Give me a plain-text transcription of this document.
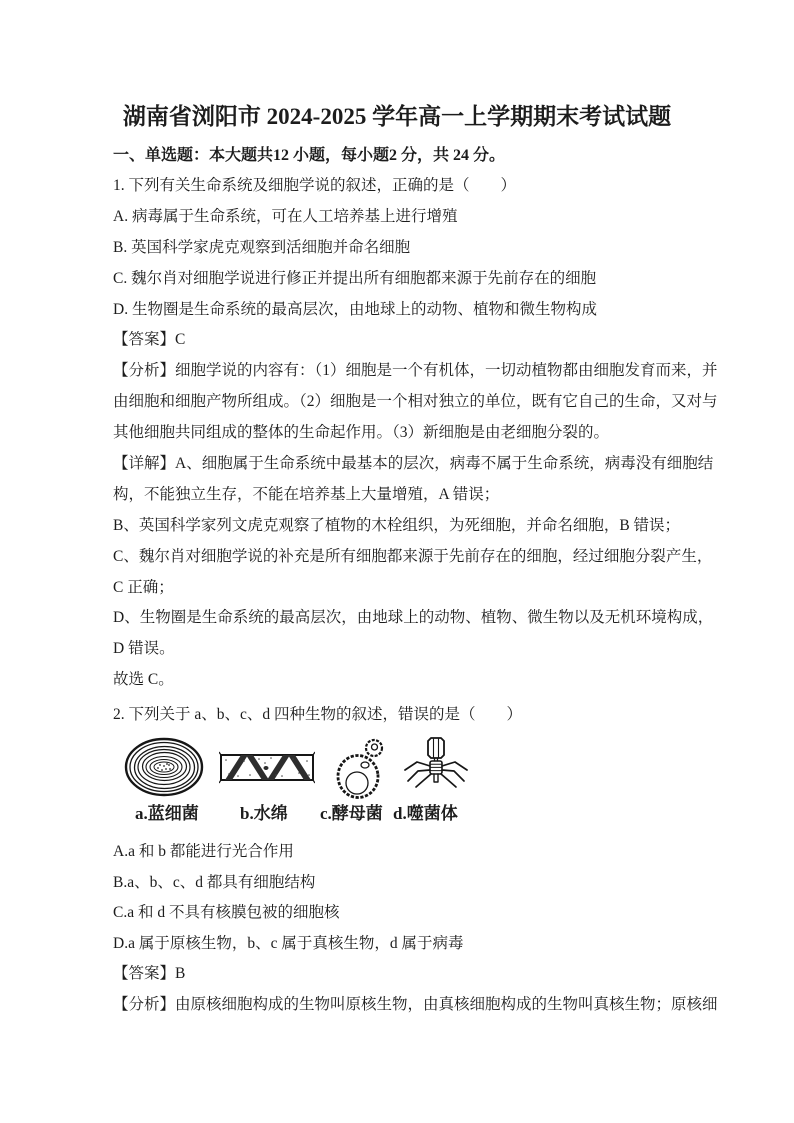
湖南省浏阳市 2024-2025 学年高一上学期期末考试试题
一、单选题：本大题共12 小题，每小题2 分，共 24 分。
1. 下列有关生命系统及细胞学说的叙述，正确的是（　　）
A. 病毒属于生命系统，可在人工培养基上进行增殖
B. 英国科学家虎克观察到活细胞并命名细胞
C. 魏尔肖对细胞学说进行修正并提出所有细胞都来源于先前存在的细胞
D. 生物圈是生命系统的最高层次，由地球上的动物、植物和微生物构成
【答案】C
【分析】细胞学说的内容有：（1）细胞是一个有机体，一切动植物都由细胞发育而来，并
由细胞和细胞产物所组成。（2）细胞是一个相对独立的单位，既有它自己的生命，又对与
其他细胞共同组成的整体的生命起作用。（3）新细胞是由老细胞分裂的。
【详解】A、细胞属于生命系统中最基本的层次，病毒不属于生命系统，病毒没有细胞结
构，不能独立生存，不能在培养基上大量增殖，A 错误；
B、英国科学家列文虎克观察了植物的木栓组织，为死细胞，并命名细胞，B 错误；
C、魏尔肖对细胞学说的补充是所有细胞都来源于先前存在的细胞，经过细胞分裂产生，
C 正确；
D、生物圈是生命系统的最高层次，由地球上的动物、植物、微生物以及无机环境构成，
D 错误。
故选 C。
2. 下列关于 a、b、c、d 四种生物的叙述，错误的是（　　）
a.蓝细菌 b.水绵 c.酵母菌 d.噬菌体
A.a 和 b 都能进行光合作用
B.a、b、c、d 都具有细胞结构
C.a 和 d 不具有核膜包被的细胞核
D.a 属于原核生物，b、c 属于真核生物，d 属于病毒
【答案】B
【分析】由原核细胞构成的生物叫原核生物，由真核细胞构成的生物叫真核生物；原核细
